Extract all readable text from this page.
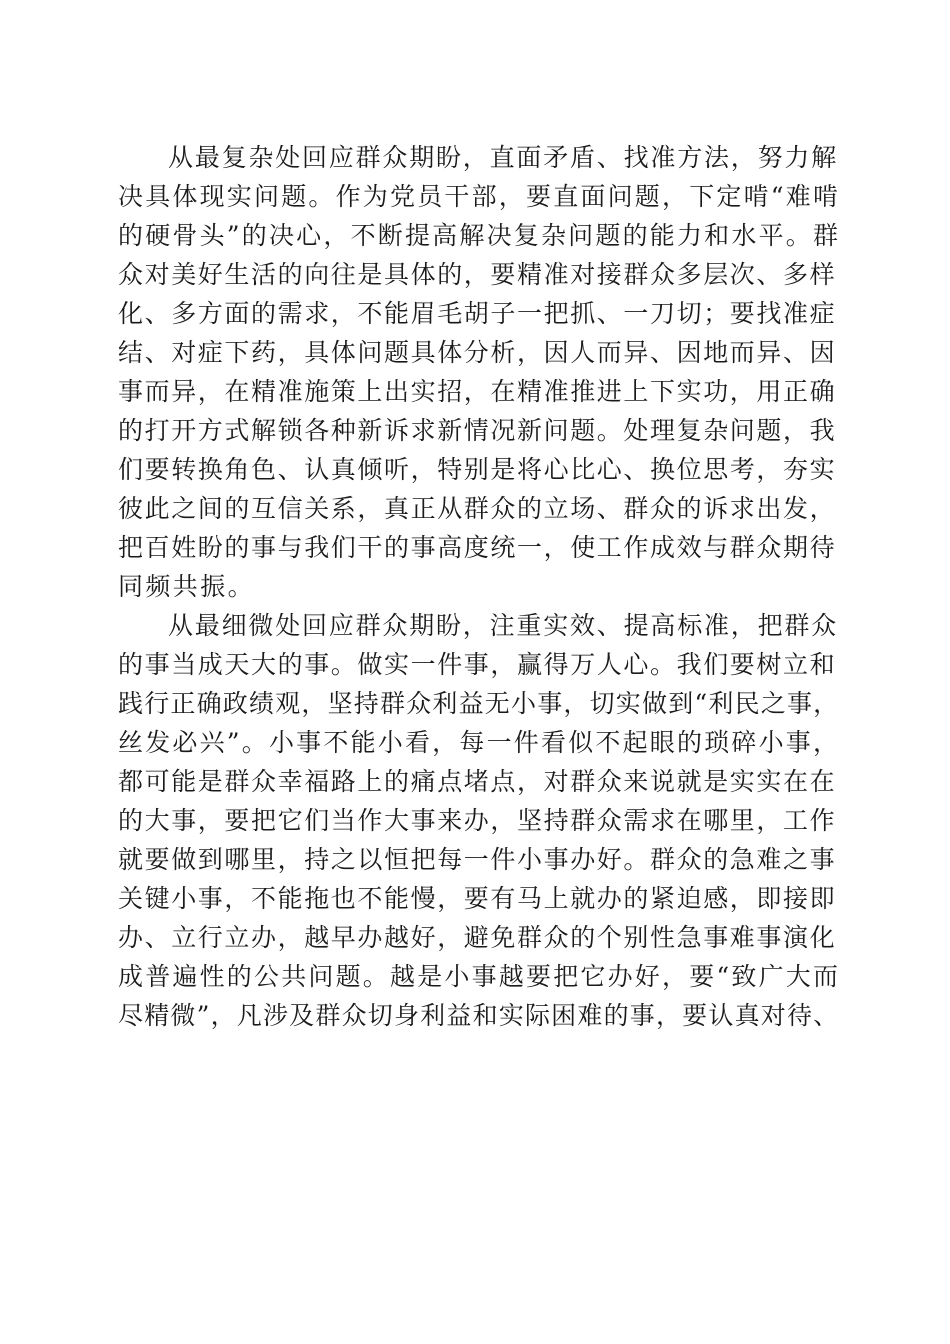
从最复杂处回应群众期盼，直面矛盾、找准方法，努力解
决具体现实问题。作为党员干部，要直面问题，下定啃“难啃
的硬骨头”的决心，不断提高解决复杂问题的能力和水平。群
众对美好生活的向往是具体的，要精准对接群众多层次、多样
化、多方面的需求，不能眉毛胡子一把抓、一刀切；要找准症
结、对症下药，具体问题具体分析，因人而异、因地而异、因
事而异，在精准施策上出实招，在精准推进上下实功，用正确
的打开方式解锁各种新诉求新情况新问题。处理复杂问题，我
们要转换角色、认真倾听，特别是将心比心、换位思考，夯实
彼此之间的互信关系，真正从群众的立场、群众的诉求出发，
把百姓盼的事与我们干的事高度统一，使工作成效与群众期待
同频共振。
从最细微处回应群众期盼，注重实效、提高标准，把群众
的事当成天大的事。做实一件事，赢得万人心。我们要树立和
践行正确政绩观，坚持群众利益无小事，切实做到“利民之事，
丝发必兴”。小事不能小看，每一件看似不起眼的琐碎小事，
都可能是群众幸福路上的痛点堵点，对群众来说就是实实在在
的大事，要把它们当作大事来办，坚持群众需求在哪里，工作
就要做到哪里，持之以恒把每一件小事办好。群众的急难之事
关键小事，不能拖也不能慢，要有马上就办的紧迫感，即接即
办、立行立办，越早办越好，避免群众的个别性急事难事演化
成普遍性的公共问题。越是小事越要把它办好，要“致广大而
尽精微”，凡涉及群众切身利益和实际困难的事，要认真对待、
